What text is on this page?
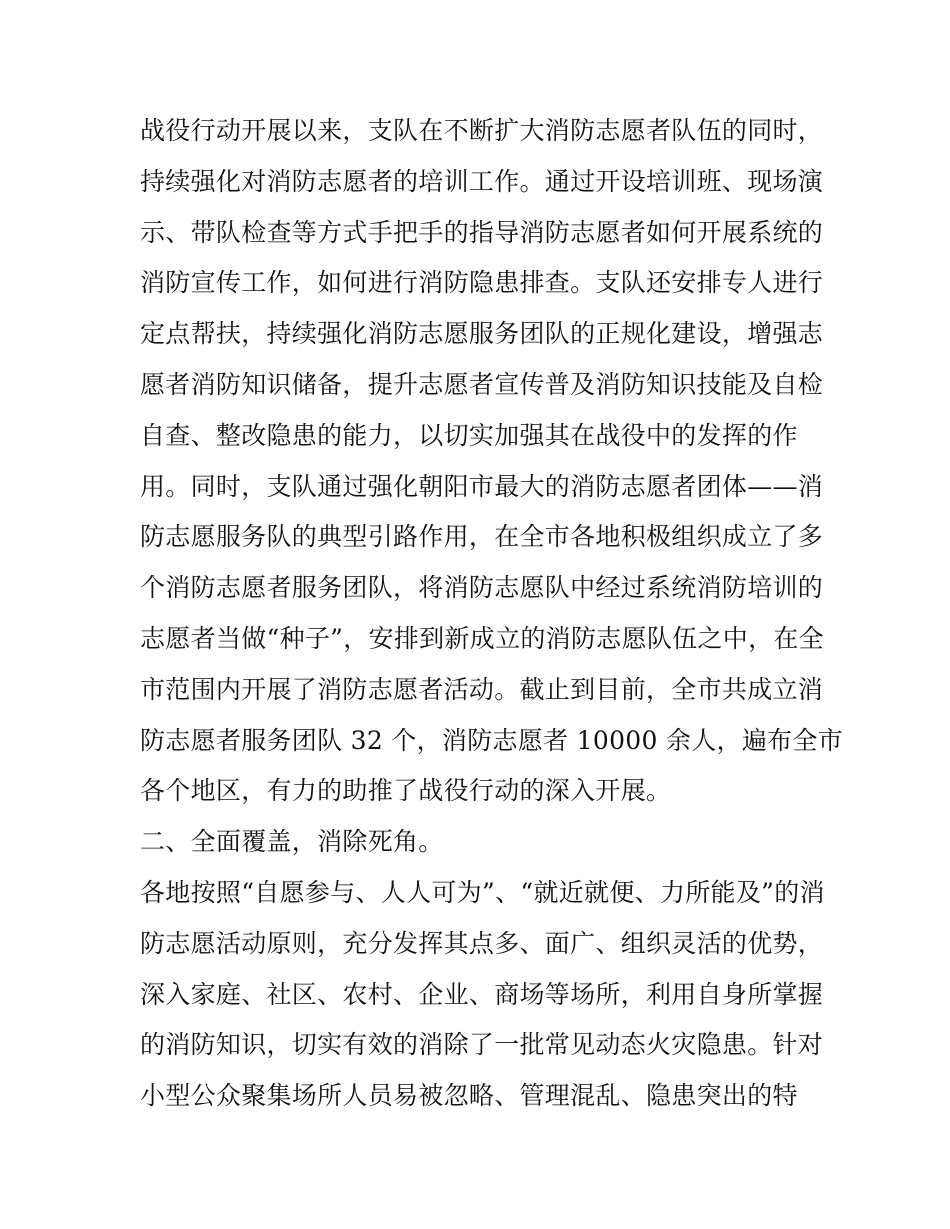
战役行动开展以来，支队在不断扩大消防志愿者队伍的同时，
持续强化对消防志愿者的培训工作。通过开设培训班、现场演
示、带队检查等方式手把手的指导消防志愿者如何开展系统的
消防宣传工作，如何进行消防隐患排查。支队还安排专人进行
定点帮扶，持续强化消防志愿服务团队的正规化建设，增强志
愿者消防知识储备，提升志愿者宣传普及消防知识技能及自检
自查、整改隐患的能力，以切实加强其在战役中的发挥的作
用。同时，支队通过强化朝阳市最大的消防志愿者团体——消
防志愿服务队的典型引路作用，在全市各地积极组织成立了多
个消防志愿者服务团队，将消防志愿队中经过系统消防培训的
志愿者当做“种子”，安排到新成立的消防志愿队伍之中，在全
市范围内开展了消防志愿者活动。截止到目前，全市共成立消
防志愿者服务团队 32 个，消防志愿者 10000 余人，遍布全市
各个地区，有力的助推了战役行动的深入开展。
二、全面覆盖，消除死角。
各地按照“自愿参与、人人可为”、“就近就便、力所能及”的消
防志愿活动原则，充分发挥其点多、面广、组织灵活的优势，
深入家庭、社区、农村、企业、商场等场所，利用自身所掌握
的消防知识，切实有效的消除了一批常见动态火灾隐患。针对
小型公众聚集场所人员易被忽略、管理混乱、隐患突出的特
